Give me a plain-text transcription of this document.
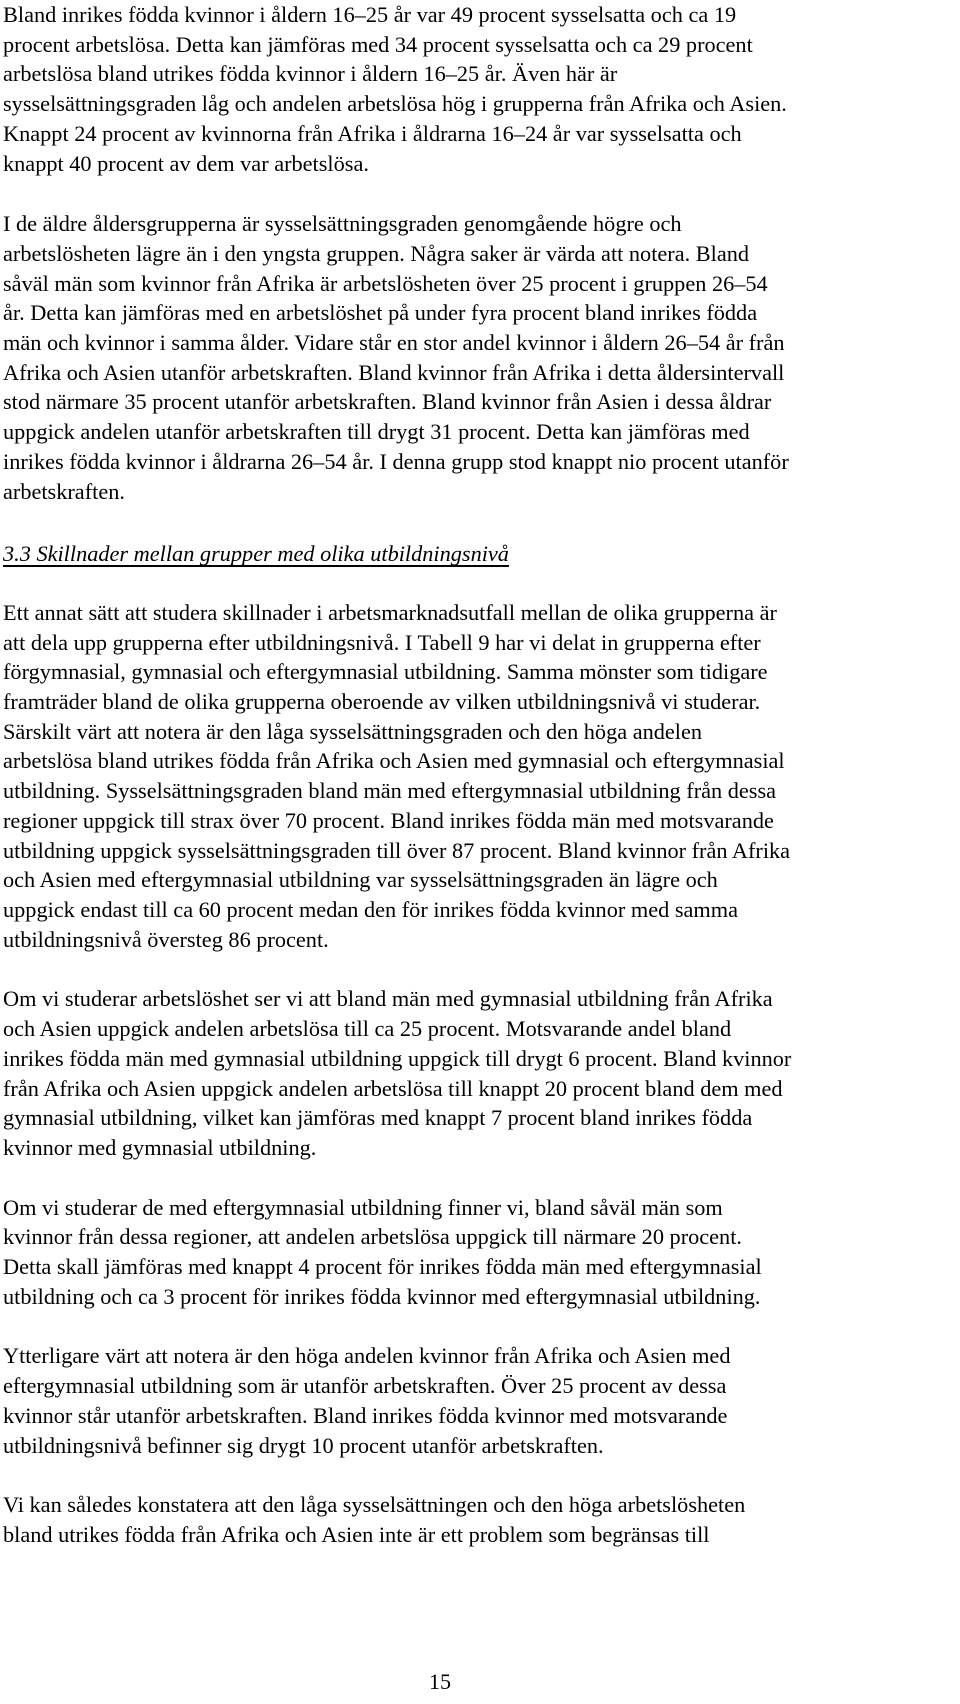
Bland inrikes födda kvinnor i åldern 16–25 år var 49 procent sysselsatta och ca 19
procent arbetslösa. Detta kan jämföras med 34 procent sysselsatta och ca 29 procent
arbetslösa bland utrikes födda kvinnor i åldern 16–25 år. Även här är
sysselsättningsgraden låg och andelen arbetslösa hög i grupperna från Afrika och Asien.
Knappt 24 procent av kvinnorna från Afrika i åldrarna 16–24 år var sysselsatta och
knappt 40 procent av dem var arbetslösa.

I de äldre åldersgrupperna är sysselsättningsgraden genomgående högre och
arbetslösheten lägre än i den yngsta gruppen. Några saker är värda att notera. Bland
såväl män som kvinnor från Afrika är arbetslösheten över 25 procent i gruppen 26–54
år. Detta kan jämföras med en arbetslöshet på under fyra procent bland inrikes födda
män och kvinnor i samma ålder. Vidare står en stor andel kvinnor i åldern 26–54 år från
Afrika och Asien utanför arbetskraften. Bland kvinnor från Afrika i detta åldersintervall
stod närmare 35 procent utanför arbetskraften. Bland kvinnor från Asien i dessa åldrar
uppgick andelen utanför arbetskraften till drygt 31 procent. Detta kan jämföras med
inrikes födda kvinnor i åldrarna 26–54 år. I denna grupp stod knappt nio procent utanför
arbetskraften.

3.3 Skillnader mellan grupper med olika utbildningsnivå

Ett annat sätt att studera skillnader i arbetsmarknadsutfall mellan de olika grupperna är
att dela upp grupperna efter utbildningsnivå. I Tabell 9 har vi delat in grupperna efter
förgymnasial, gymnasial och eftergymnasial utbildning. Samma mönster som tidigare
framträder bland de olika grupperna oberoende av vilken utbildningsnivå vi studerar.
Särskilt värt att notera är den låga sysselsättningsgraden och den höga andelen
arbetslösa bland utrikes födda från Afrika och Asien med gymnasial och eftergymnasial
utbildning. Sysselsättningsgraden bland män med eftergymnasial utbildning från dessa
regioner uppgick till strax över 70 procent. Bland inrikes födda män med motsvarande
utbildning uppgick sysselsättningsgraden till över 87 procent. Bland kvinnor från Afrika
och Asien med eftergymnasial utbildning var sysselsättningsgraden än lägre och
uppgick endast till ca 60 procent medan den för inrikes födda kvinnor med samma
utbildningsnivå översteg 86 procent.

Om vi studerar arbetslöshet ser vi att bland män med gymnasial utbildning från Afrika
och Asien uppgick andelen arbetslösa till ca 25 procent. Motsvarande andel bland
inrikes födda män med gymnasial utbildning uppgick till drygt 6 procent. Bland kvinnor
från Afrika och Asien uppgick andelen arbetslösa till knappt 20 procent bland dem med
gymnasial utbildning, vilket kan jämföras med knappt 7 procent bland inrikes födda
kvinnor med gymnasial utbildning.

Om vi studerar de med eftergymnasial utbildning finner vi, bland såväl män som
kvinnor från dessa regioner, att andelen arbetslösa uppgick till närmare 20 procent.
Detta skall jämföras med knappt 4 procent för inrikes födda män med eftergymnasial
utbildning och ca 3 procent för inrikes födda kvinnor med eftergymnasial utbildning.

Ytterligare värt att notera är den höga andelen kvinnor från Afrika och Asien med
eftergymnasial utbildning som är utanför arbetskraften. Över 25 procent av dessa
kvinnor står utanför arbetskraften. Bland inrikes födda kvinnor med motsvarande
utbildningsnivå befinner sig drygt 10 procent utanför arbetskraften.

Vi kan således konstatera att den låga sysselsättningen och den höga arbetslösheten
bland utrikes födda från Afrika och Asien inte är ett problem som begränsas till

15
